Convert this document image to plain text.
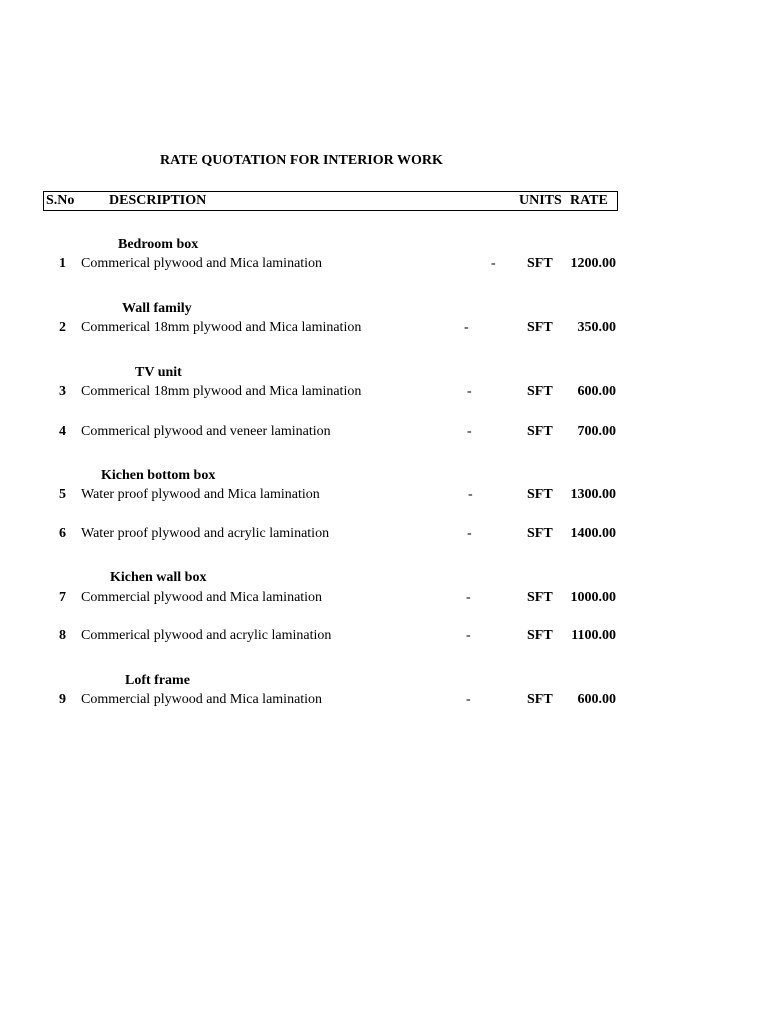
RATE QUOTATION FOR INTERIOR WORK
S.No DESCRIPTION	UNITS RATE
Bedroom box
Wall family
TV unit
Kichen bottom box
Kichen wall box
Loft frame
1 Commerical plywood and Mica lamination	- SFT	1200.00
2 Commerical 18mm plywood and Mica lamination	-	SFT	350.00
3 Commerical 18mm plywood and Mica lamination	-	SFT	600.00
4 Commerical plywood and veneer lamination	-	SFT	700.00
5 Water proof plywood and Mica lamination	-	SFT	1300.00
6 Water proof plywood and acrylic lamination	-	SFT	1400.00
7 Commercial plywood and Mica lamination	-	SFT	1000.00
8 Commerical plywood and acrylic lamination	-	SFT	1100.00
9 Commercial plywood and Mica lamination	-	SFT	600.00
